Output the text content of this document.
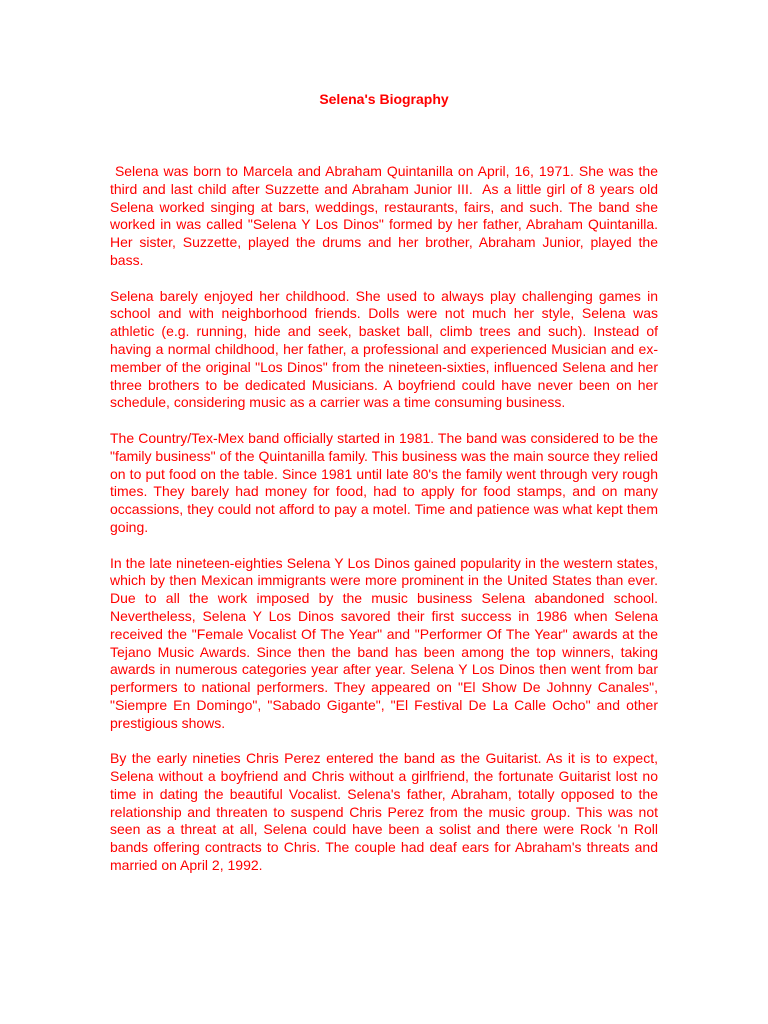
Selena's Biography

Selena was born to Marcela and Abraham Quintanilla on April, 16, 1971. She was the third and last child after Suzzette and Abraham Junior III.  As a little girl of 8 years old Selena worked singing at bars, weddings, restaurants, fairs, and such. The band she worked in was called "Selena Y Los Dinos" formed by her father, Abraham Quintanilla. Her sister, Suzzette, played the drums and her brother, Abraham Junior, played the bass.

Selena barely enjoyed her childhood. She used to always play challenging games in school and with neighborhood friends. Dolls were not much her style, Selena was athletic (e.g. running, hide and seek, basket ball, climb trees and such). Instead of having a normal childhood, her father, a professional and experienced Musician and ex-member of the original "Los Dinos" from the nineteen-sixties, influenced Selena and her three brothers to be dedicated Musicians. A boyfriend could have never been on her schedule, considering music as a carrier was a time consuming business.

The Country/Tex-Mex band officially started in 1981. The band was considered to be the "family business" of the Quintanilla family. This business was the main source they relied on to put food on the table. Since 1981 until late 80's the family went through very rough times. They barely had money for food, had to apply for food stamps, and on many occassions, they could not afford to pay a motel. Time and patience was what kept them going.

In the late nineteen-eighties Selena Y Los Dinos gained popularity in the western states, which by then Mexican immigrants were more prominent in the United States than ever. Due to all the work imposed by the music business Selena abandoned school. Nevertheless, Selena Y Los Dinos savored their first success in 1986 when Selena received the "Female Vocalist Of The Year" and "Performer Of The Year" awards at the Tejano Music Awards. Since then the band has been among the top winners, taking awards in numerous categories year after year. Selena Y Los Dinos then went from bar performers to national performers. They appeared on "El Show De Johnny Canales", "Siempre En Domingo", "Sabado Gigante", "El Festival De La Calle Ocho" and other prestigious shows.

By the early nineties Chris Perez entered the band as the Guitarist. As it is to expect, Selena without a boyfriend and Chris without a girlfriend, the fortunate Guitarist lost no time in dating the beautiful Vocalist. Selena's father, Abraham, totally opposed to the relationship and threaten to suspend Chris Perez from the music group. This was not seen as a threat at all, Selena could have been a solist and there were Rock 'n Roll bands offering contracts to Chris. The couple had deaf ears for Abraham's threats and married on April 2, 1992.
